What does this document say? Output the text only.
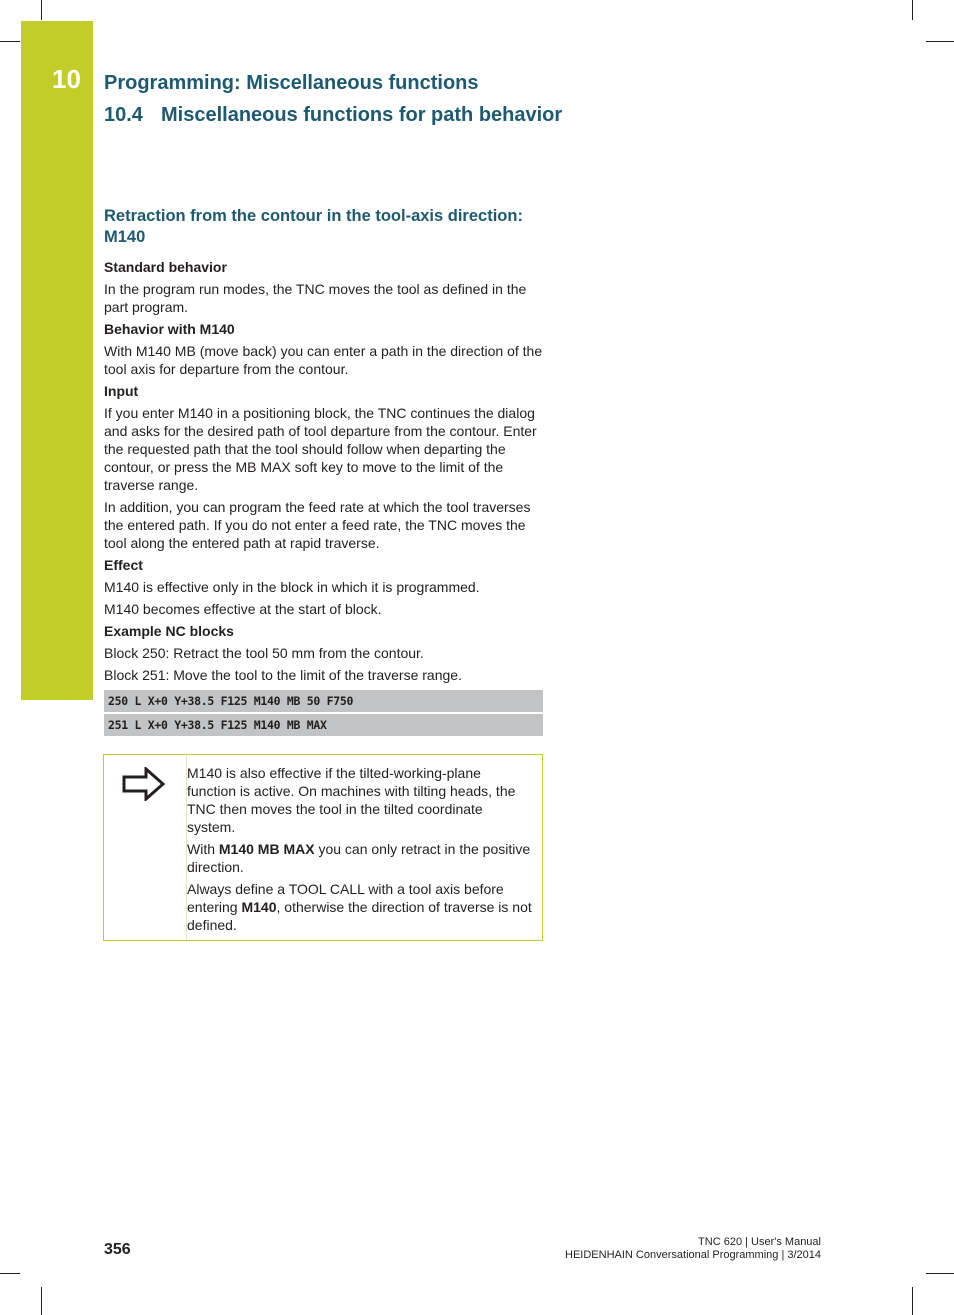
10 Programming: Miscellaneous functions
10.4 Miscellaneous functions for path behavior
Retraction from the contour in the tool-axis direction: M140
Standard behavior

In the program run modes, the TNC moves the tool as defined in the part program.

Behavior with M140

With M140 MB (move back) you can enter a path in the direction of the tool axis for departure from the contour.

Input

If you enter M140 in a positioning block, the TNC continues the dialog and asks for the desired path of tool departure from the contour. Enter the requested path that the tool should follow when departing the contour, or press the MB MAX soft key to move to the limit of the traverse range.

In addition, you can program the feed rate at which the tool traverses the entered path. If you do not enter a feed rate, the TNC moves the tool along the entered path at rapid traverse.

Effect

M140 is effective only in the block in which it is programmed.

M140 becomes effective at the start of block.

Example NC blocks

Block 250: Retract the tool 50 mm from the contour.

Block 251: Move the tool to the limit of the traverse range.

250 L X+0 Y+38.5 F125 M140 MB 50 F750
251 L X+0 Y+38.5 F125 M140 MB MAX

M140 is also effective if the tilted-working-plane function is active. On machines with tilting heads, the TNC then moves the tool in the tilted coordinate system.

With M140 MB MAX you can only retract in the positive direction.

Always define a TOOL CALL with a tool axis before entering M140, otherwise the direction of traverse is not defined.

356	TNC 620 | User's Manual
HEIDENHAIN Conversational Programming | 3/2014
